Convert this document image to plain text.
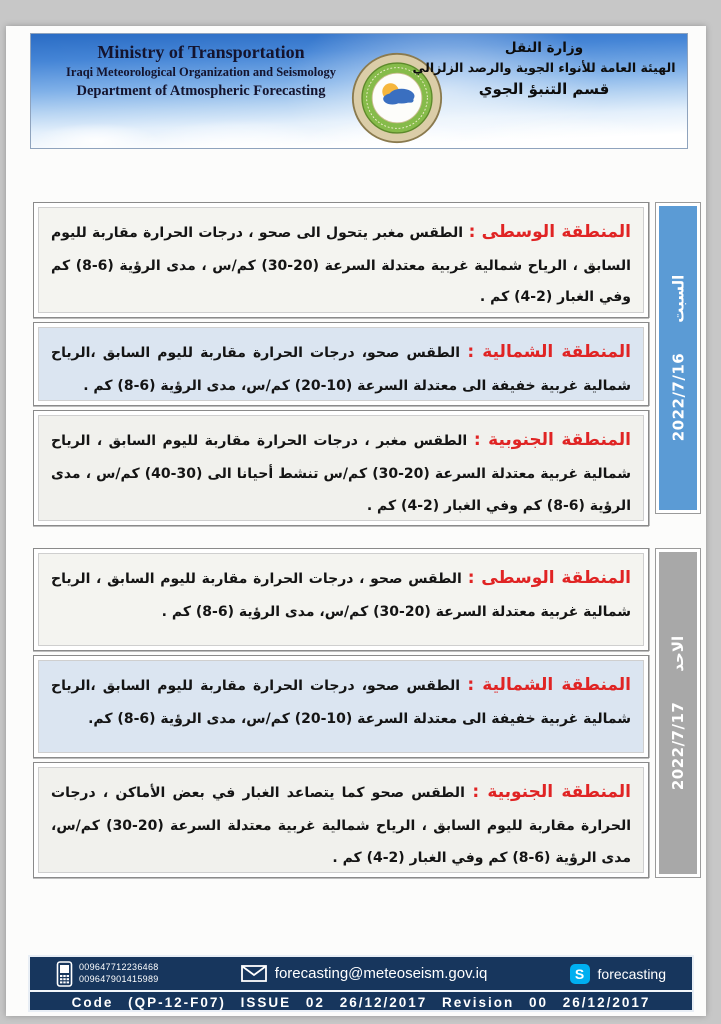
Ministry of Transportation
Iraqi Meteorological Organization and Seismology
Department of Atmospheric Forecasting
وزارة النقل
الهيئة العامة للأنواء الجوية والرصد الزلزالي
قسم التنبؤ الجوي
المنطقة الوسطى : الطقس مغبر يتحول الى صحو ، درجات الحرارة مقاربة لليوم السابق ، الرياح شمالية غربية معتدلة السرعة (20-30) كم/س ، مدى الرؤية (6-8) كم وفي الغبار (2-4) كم .
المنطقة الشمالية : الطقس صحو، درجات الحرارة مقاربة لليوم السابق ،الرياح شمالية غربية خفيفة الى معتدلة السرعة (10-20) كم/س، مدى الرؤية (6-8) كم .
المنطقة الجنوبية : الطقس مغبر ، درجات الحرارة مقاربة لليوم السابق ، الرياح شمالية غربية معتدلة السرعة (20-30) كم/س تنشط أحيانا الى (30-40) كم/س ، مدى الرؤية (6-8) كم وفي الغبار (2-4) كم .
السبت
2022/7/16
المنطقة الوسطى : الطقس صحو ، درجات الحرارة مقاربة لليوم السابق ، الرياح شمالية غربية معتدلة السرعة (20-30) كم/س، مدى الرؤية (6-8) كم .
المنطقة الشمالية : الطقس صحو، درجات الحرارة مقاربة لليوم السابق ،الرياح شمالية غربية خفيفة الى معتدلة السرعة (10-20) كم/س، مدى الرؤية (6-8) كم.
المنطقة الجنوبية : الطقس صحو كما يتصاعد الغبار في بعض الأماكن ، درجات الحرارة مقاربة لليوم السابق ، الرياح شمالية غربية معتدلة السرعة (20-30) كم/س، مدى الرؤية (6-8) كم وفي الغبار (2-4) كم .
الاحد
2022/7/17
009647712236468
009647901415989	forecasting@meteoseism.gov.iq	S forecasting
Code (QP-12-F07) ISSUE 02 26/12/2017 Revision 00 26/12/2017
